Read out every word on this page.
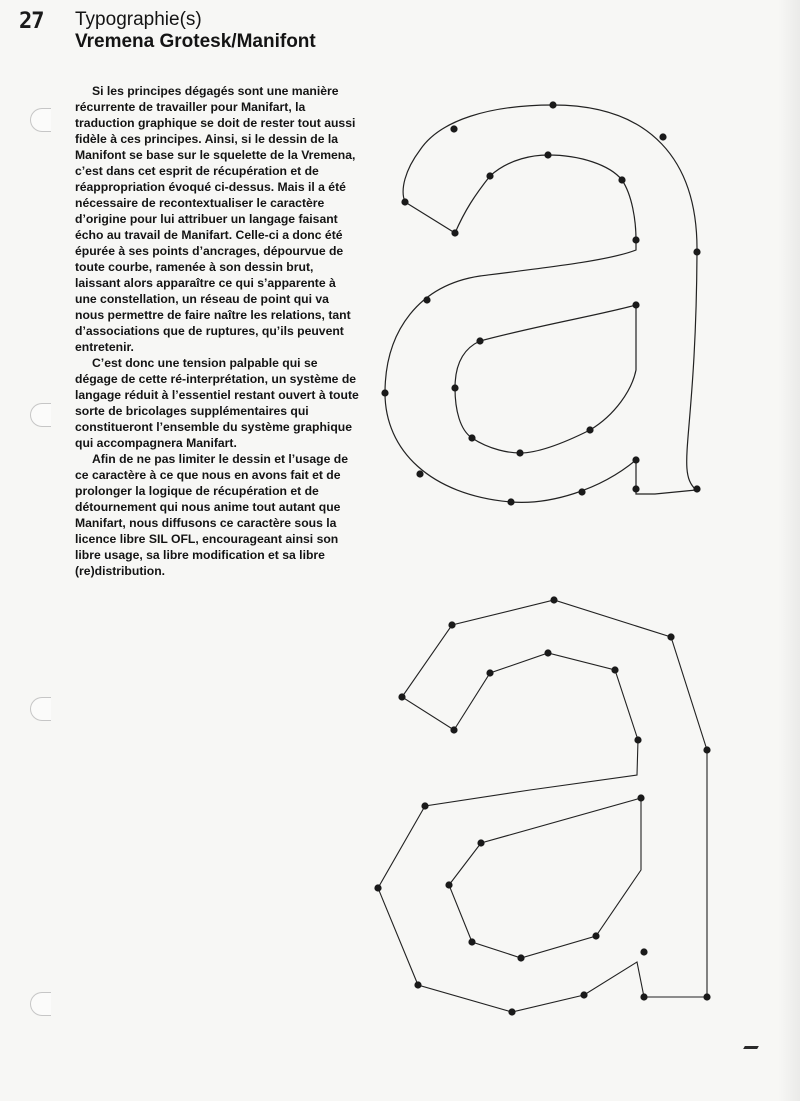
27 Typographie(s)
Vremena Grotesk/Manifont

Si les principes dégagés sont une manière récurrente de travailler pour Manifart, la traduction graphique se doit de rester tout aussi fidèle à ces principes. Ainsi, si le dessin de la Manifont se base sur le squelette de la Vremena, c’est dans cet esprit de récupération et de réappropriation évoqué ci-dessus. Mais il a été nécessaire de recontextualiser le caractère d’origine pour lui attribuer un langage faisant écho au travail de Manifart. Celle-ci a donc été épurée à ses points d’ancrages, dépourvue de toute courbe, ramenée à son dessin brut, laissant alors apparaître ce qui s’apparente à une constellation, un réseau de point qui va nous permettre de faire naître les relations, tant d’associations que de ruptures, qu’ils peuvent entretenir.

C’est donc une tension palpable qui se dégage de cette ré-interprétation, un système de langage réduit à l’essentiel restant ouvert à toute sorte de bricolages supplémentaires qui constitueront l’ensemble du système graphique qui accompagnera Manifart.

Afin de ne pas limiter le dessin et l’usage de ce caractère à ce que nous en avons fait et de prolonger la logique de récupération et de détournement qui nous anime tout autant que Manifart, nous diffusons ce caractère sous la licence libre SIL OFL, encourageant ainsi son libre usage, sa libre modification et sa libre (re)distribution.
